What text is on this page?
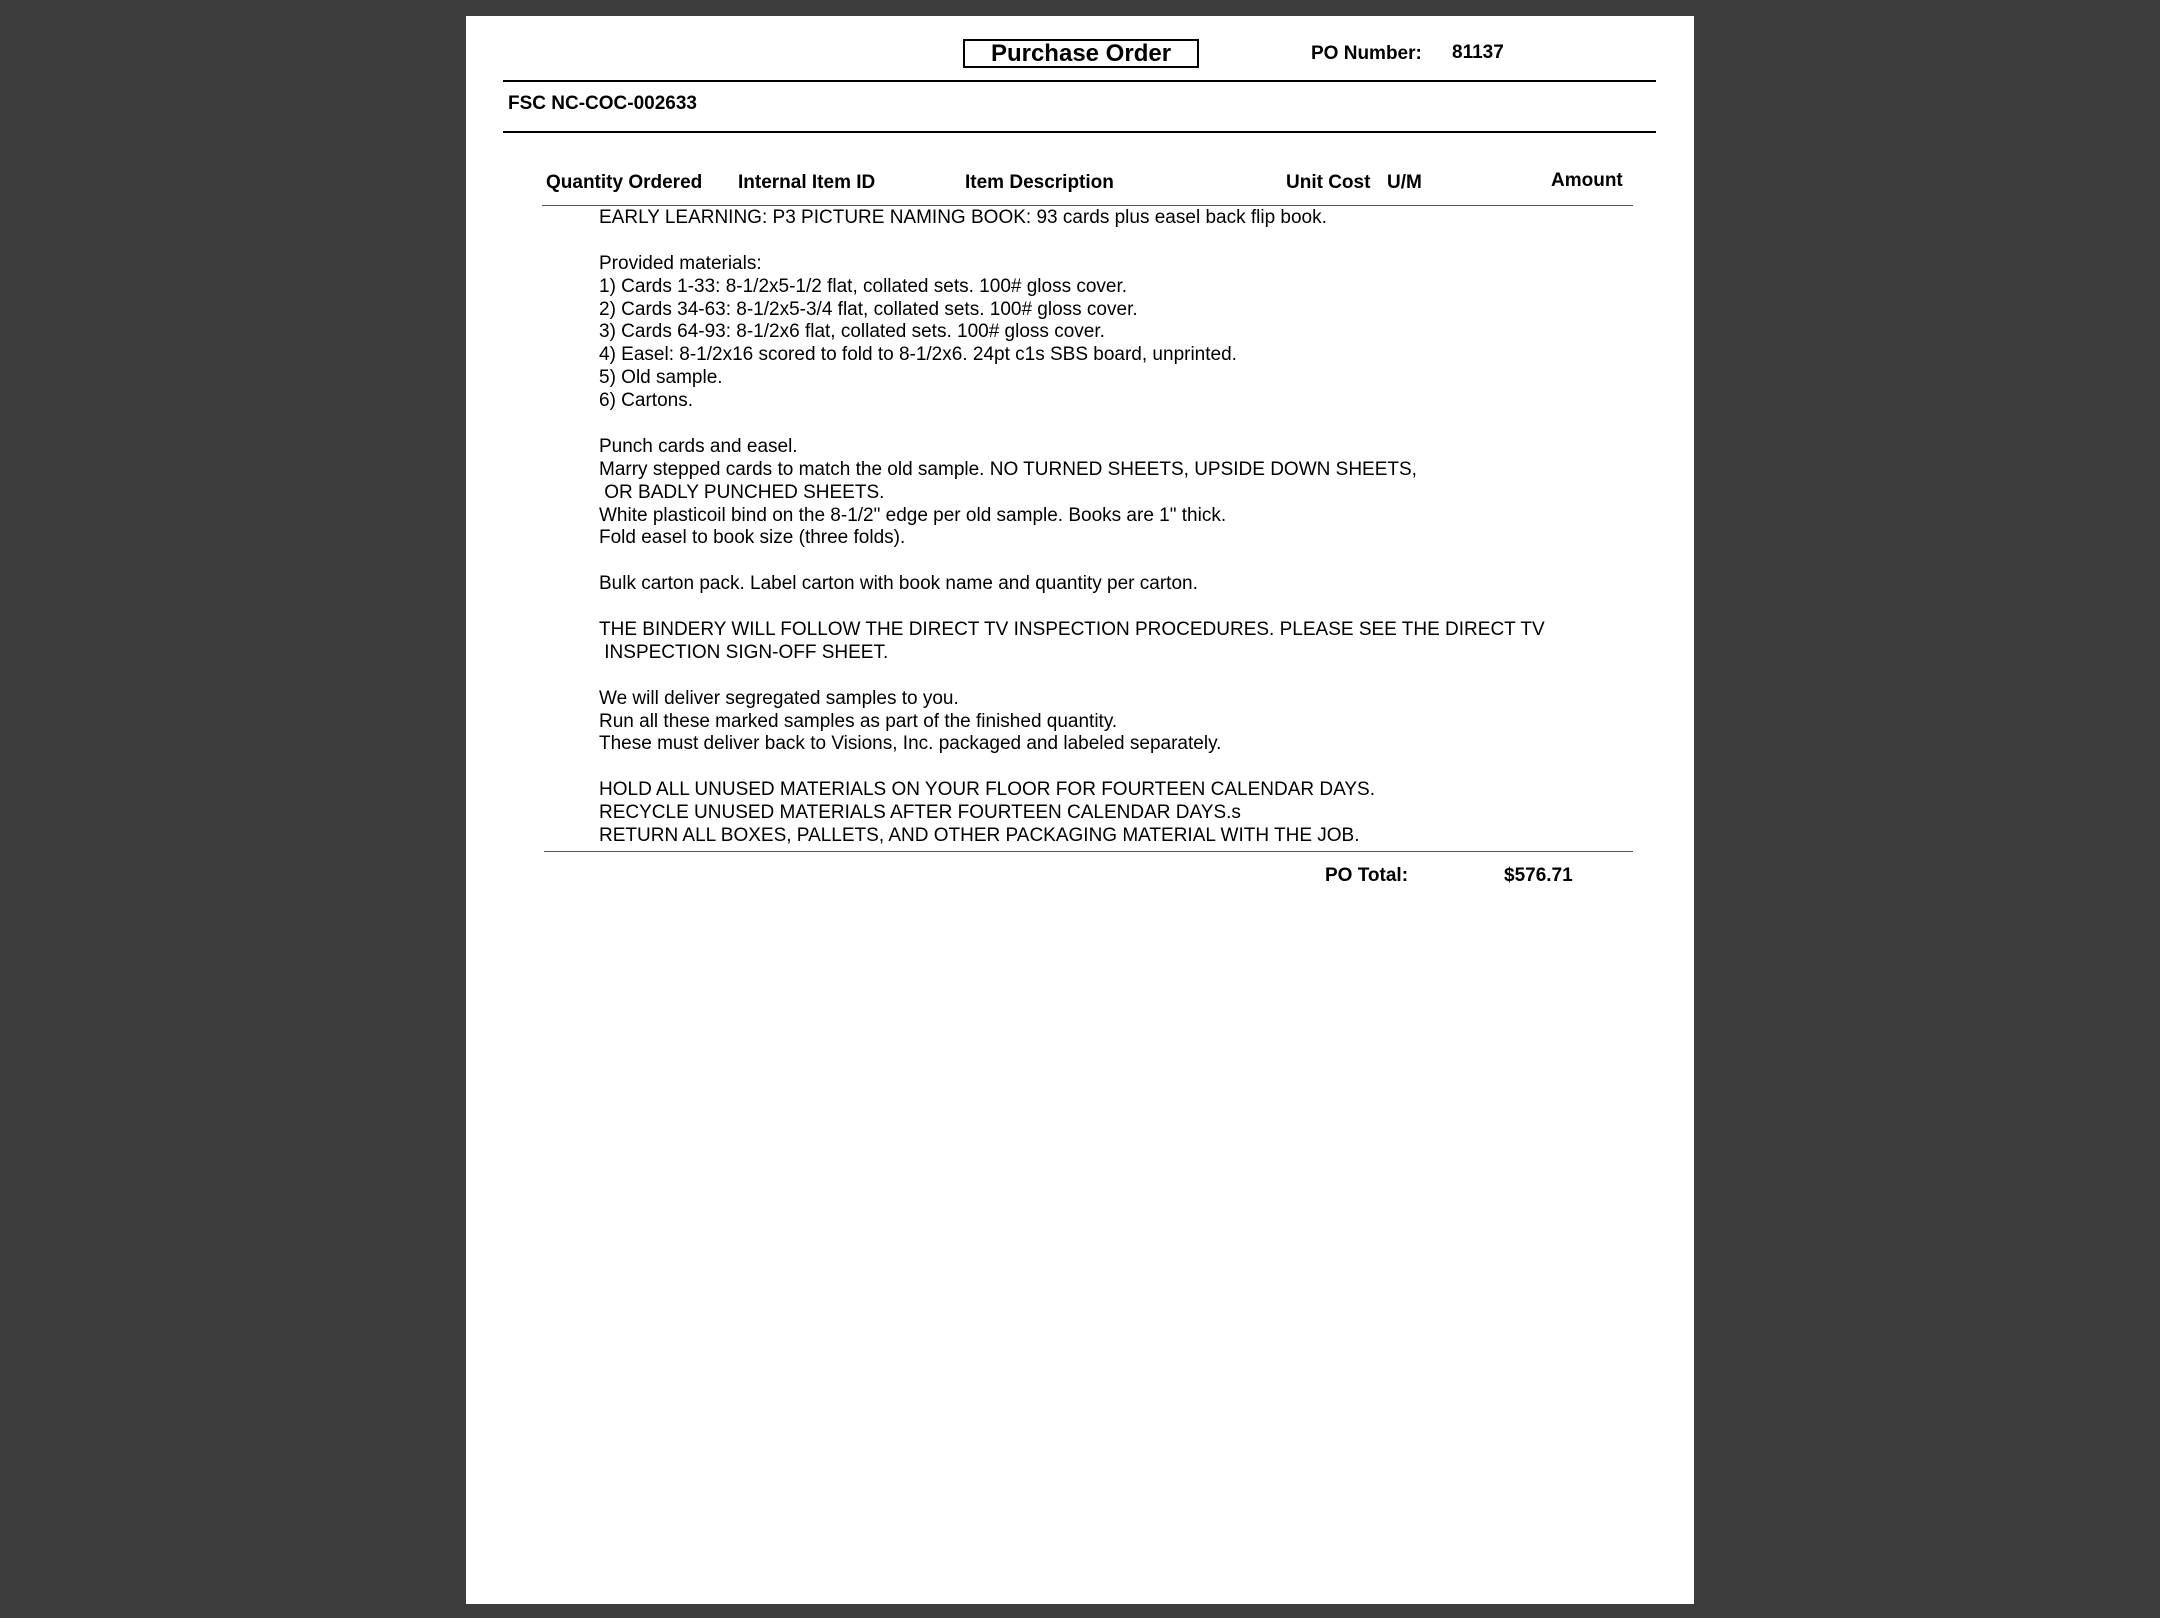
Purchase Order	PO Number: 81137
FSC NC-COC-002633
Quantity Ordered Internal Item ID	Item Description	Unit Cost U/M	Amount
EARLY LEARNING: P3 PICTURE NAMING BOOK: 93 cards plus easel back flip book.
Provided materials:
1) Cards 1-33: 8-1/2x5-1/2 flat, collated sets. 100# gloss cover.
2) Cards 34-63: 8-1/2x5-3/4 flat, collated sets. 100# gloss cover.
3) Cards 64-93: 8-1/2x6 flat, collated sets. 100# gloss cover.
4) Easel: 8-1/2x16 scored to fold to 8-1/2x6. 24pt c1s SBS board, unprinted.
5) Old sample.
6) Cartons.
Punch cards and easel.
Marry stepped cards to match the old sample. NO TURNED SHEETS, UPSIDE DOWN SHEETS,
OR BADLY PUNCHED SHEETS.
White plasticoil bind on the 8-1/2" edge per old sample. Books are 1" thick.
Fold easel to book size (three folds).
Bulk carton pack. Label carton with book name and quantity per carton.
THE BINDERY WILL FOLLOW THE DIRECT TV INSPECTION PROCEDURES. PLEASE SEE THE DIRECT TV
INSPECTION SIGN-OFF SHEET.
We will deliver segregated samples to you.
Run all these marked samples as part of the finished quantity.
These must deliver back to Visions, Inc. packaged and labeled separately.
HOLD ALL UNUSED MATERIALS ON YOUR FLOOR FOR FOURTEEN CALENDAR DAYS.
RECYCLE UNUSED MATERIALS AFTER FOURTEEN CALENDAR DAYS.s
RETURN ALL BOXES, PALLETS, AND OTHER PACKAGING MATERIAL WITH THE JOB.
PO Total:	$576.71
